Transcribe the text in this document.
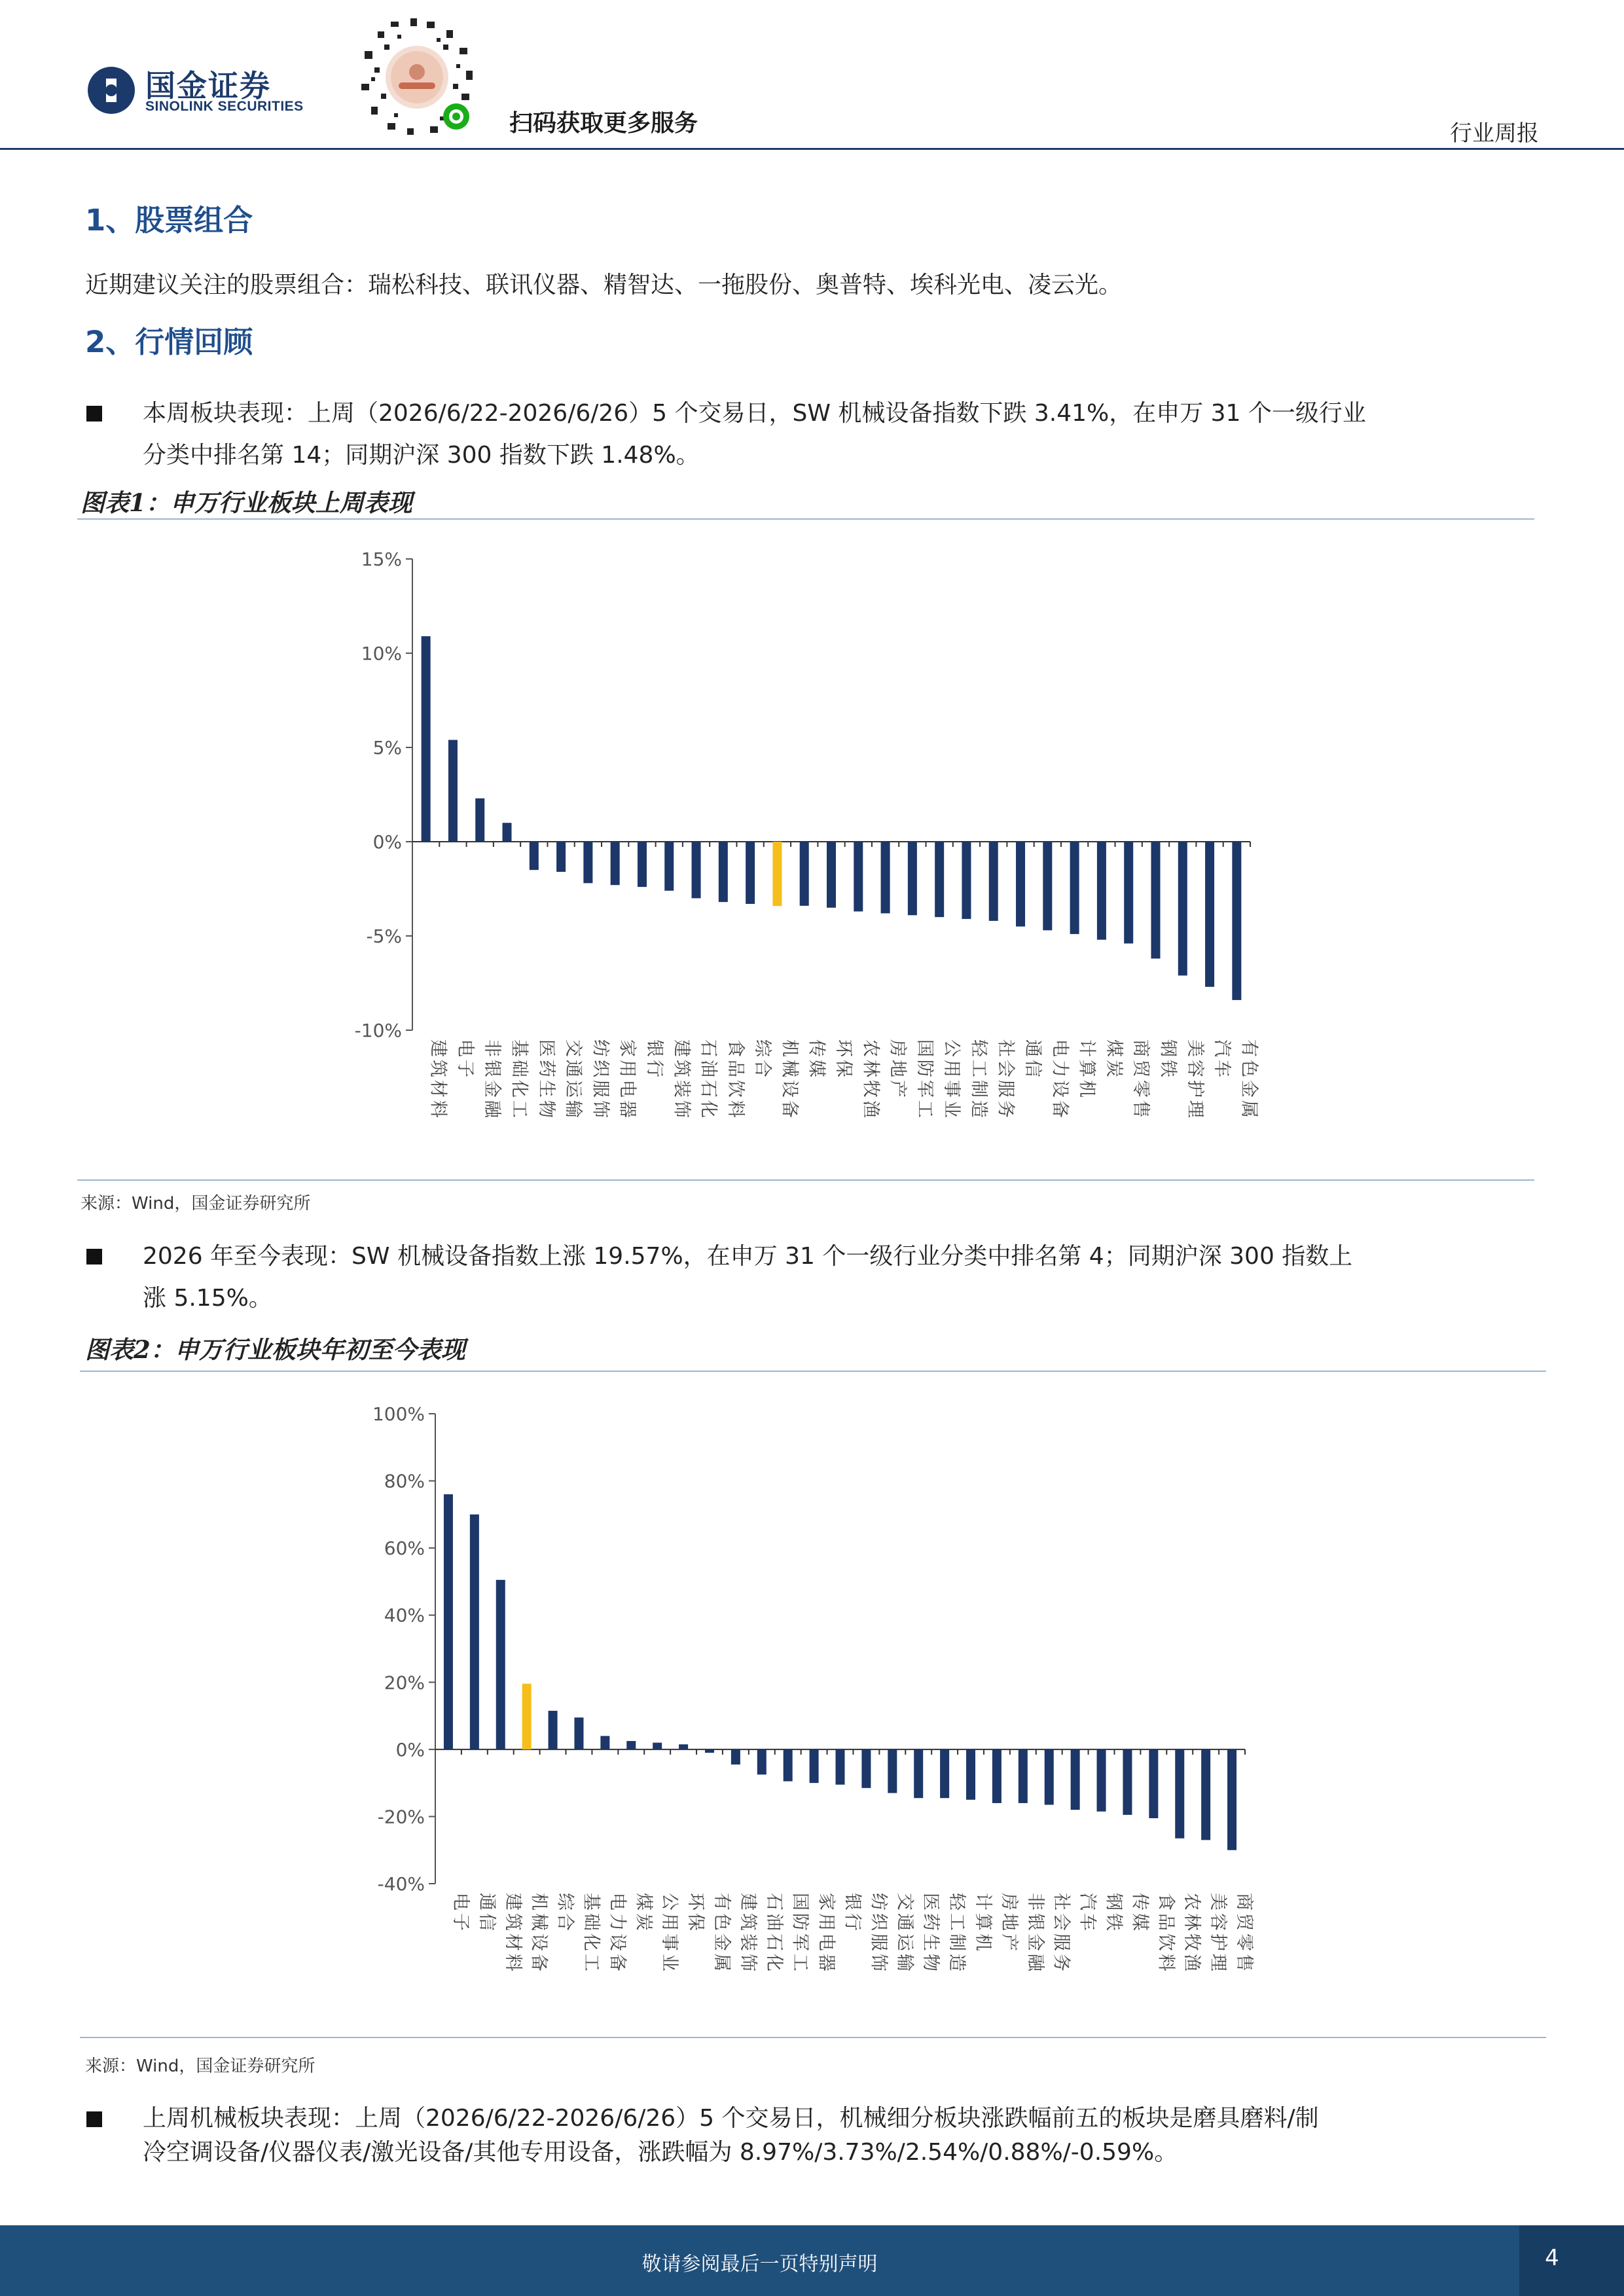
国金证券
SINOLINK SECURITIES
扫码获取更多服务	行业周报
1、股票组合
近期建议关注的股票组合：瑞松科技、联讯仪器、精智达、一拖股份、奥普特、埃科光电、凌云光。
2、行情回顾
本周板块表现：上周（2026/6/22-2026/6/26）5 个交易日，SW 机械设备指数下跌 3.41%，在申万 31 个一级行业
分类中排名第 14；同期沪深 300 指数下跌 1.48%。
图表1：申万行业板块上周表现
15%
10%
5%
0%
-5%
-10%
建筑材料 电子 非银金融 基础化工 医药生物 交通运输 纺织服饰 家用电器 银行 建筑装饰 石油石化 食品饮料 综合 机械设备 传媒 环保 农林牧渔 房地产 国防军工 公用事业 轻工制造 社会服务 通信 电力设备 计算机 煤炭 商贸零售 钢铁 美容护理 汽车 有色金属
来源：Wind，国金证券研究所
2026 年至今表现：SW 机械设备指数上涨 19.57%，在申万 31 个一级行业分类中排名第 4；同期沪深 300 指数上
涨 5.15%。
图表2：申万行业板块年初至今表现
100%
80%
60%
40%
20%
0%
-20%
-40%
电子 通信 建筑材料 机械设备 综合 基础化工 电力设备 煤炭 公用事业 环保 有色金属 建筑装饰 石油石化 国防军工 家用电器 银行 纺织服饰 交通运输 医药生物 轻工制造 计算机 房地产 非银金融 社会服务 汽车 钢铁 传媒 食品饮料 农林牧渔 美容护理 商贸零售
来源：Wind，国金证券研究所
上周机械板块表现：上周（2026/6/22-2026/6/26）5 个交易日，机械细分板块涨跌幅前五的板块是磨具磨料/制
冷空调设备/仪器仪表/激光设备/其他专用设备，涨跌幅为 8.97%/3.73%/2.54%/0.88%/-0.59%。
敬请参阅最后一页特别声明	4
